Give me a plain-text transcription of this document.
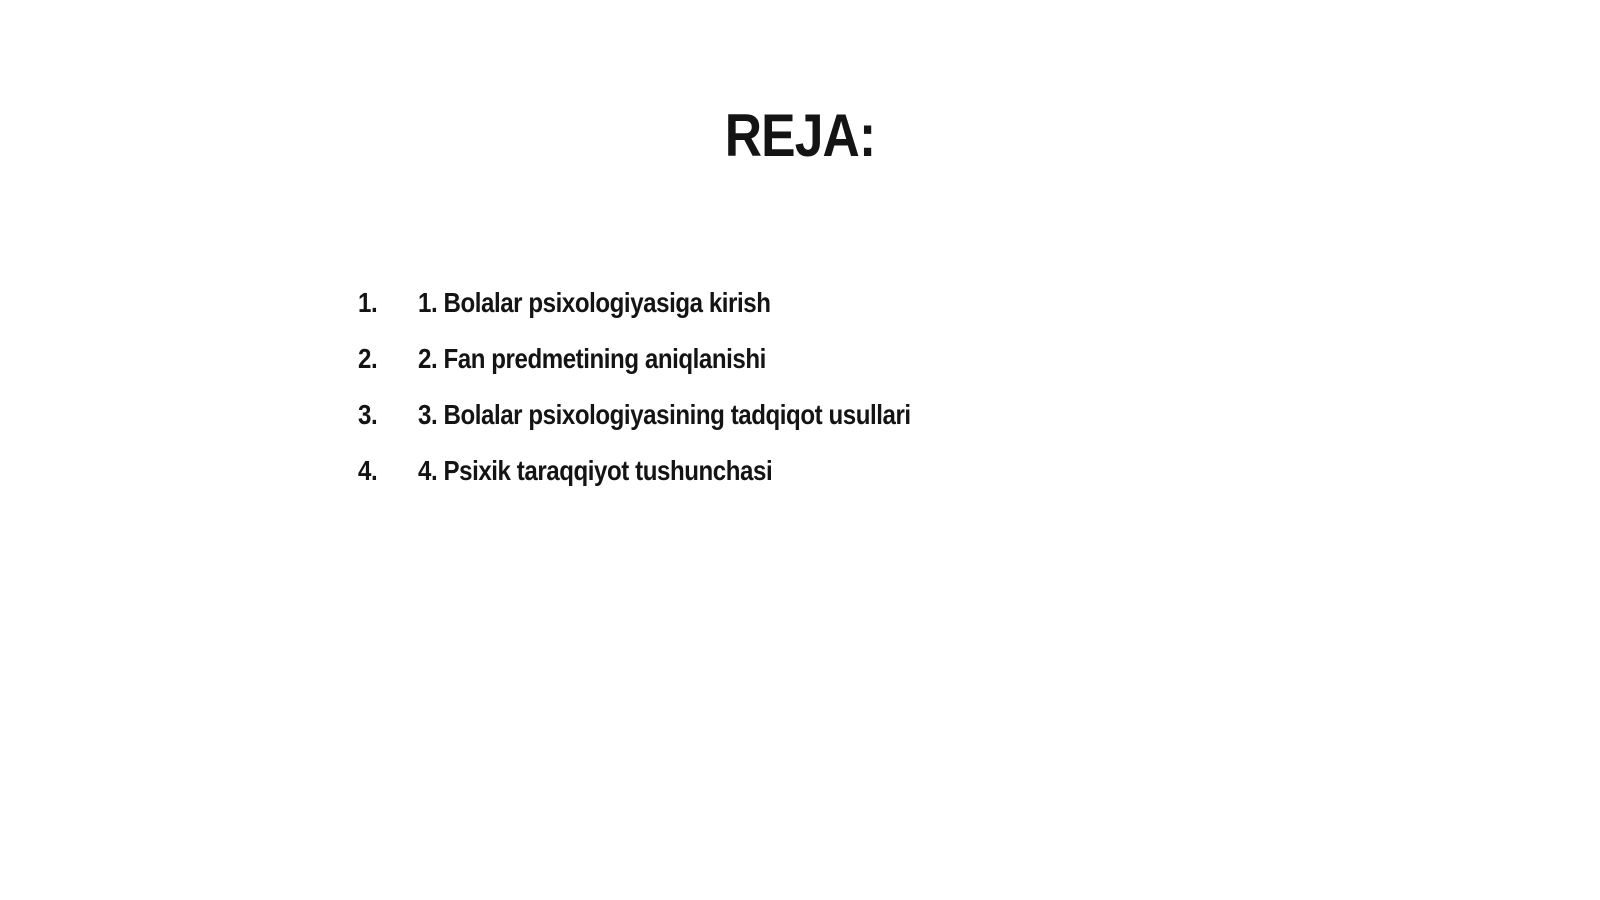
REJA:
1.	1. Bolalar psixologiyasiga kirish
2.	2. Fan predmetining aniqlanishi
3.	3. Bolalar psixologiyasining tadqiqot usullari
4.	4. Psixik taraqqiyot tushunchasi
